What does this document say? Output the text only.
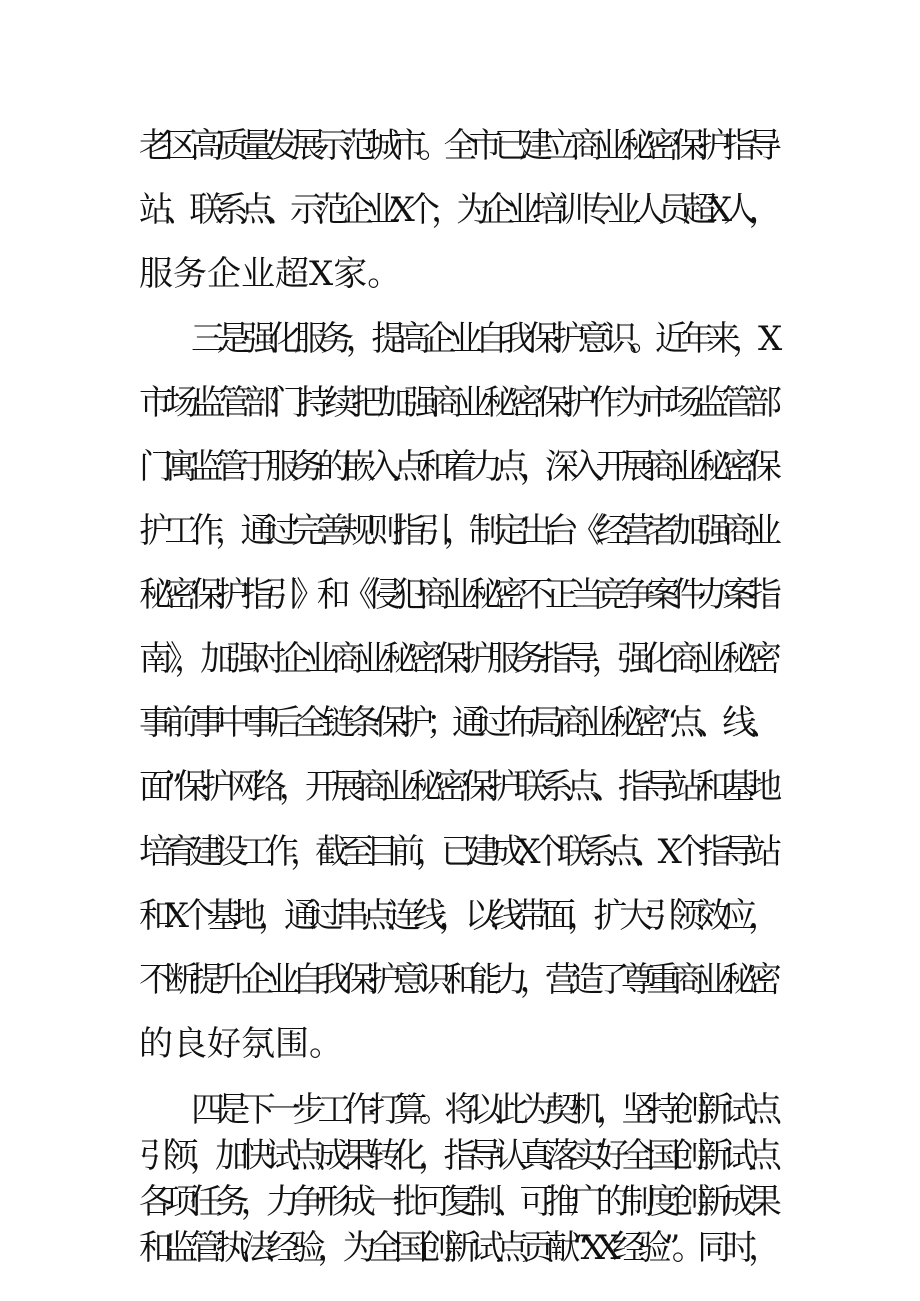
老区高质量发展示范城市。全市已建立商业秘密保护指导
站、联系点、示范企业X个，为企业培训专业人员超X人，
服务企业超X家。
三是强化服务，提高企业自我保护意识。近年来，X
市场监管部门持续把加强商业秘密保护作为市场监管部
门寓监管于服务的嵌入点和着力点，深入开展商业秘密保
护工作，通过完善规则指引，制定出台《经营者加强商业
秘密保护指引》和《侵犯商业秘密不正当竞争案件办案指
南》，加强对企业商业秘密保护服务指导，强化商业秘密
事前事中事后全链条保护；通过布局商业秘密“点、线、
面”保护网络，开展商业秘密保护联系点、指导站和基地
培育建设工作，截至目前，已建成X个联系点、X个指导站
和X个基地，通过串点连线，以线带面，扩大引领效应，
不断提升企业自我保护意识和能力，营造了尊重商业秘密
的良好氛围。
四是下一步工作打算。将以此为契机，坚持创新试点
引领，加快试点成果转化，指导认真落实好全国创新试点
各项任务，力争形成一批可复制、可推广的制度创新成果
和监管执法经验，为全国创新试点贡献“XX经验”。同时，
